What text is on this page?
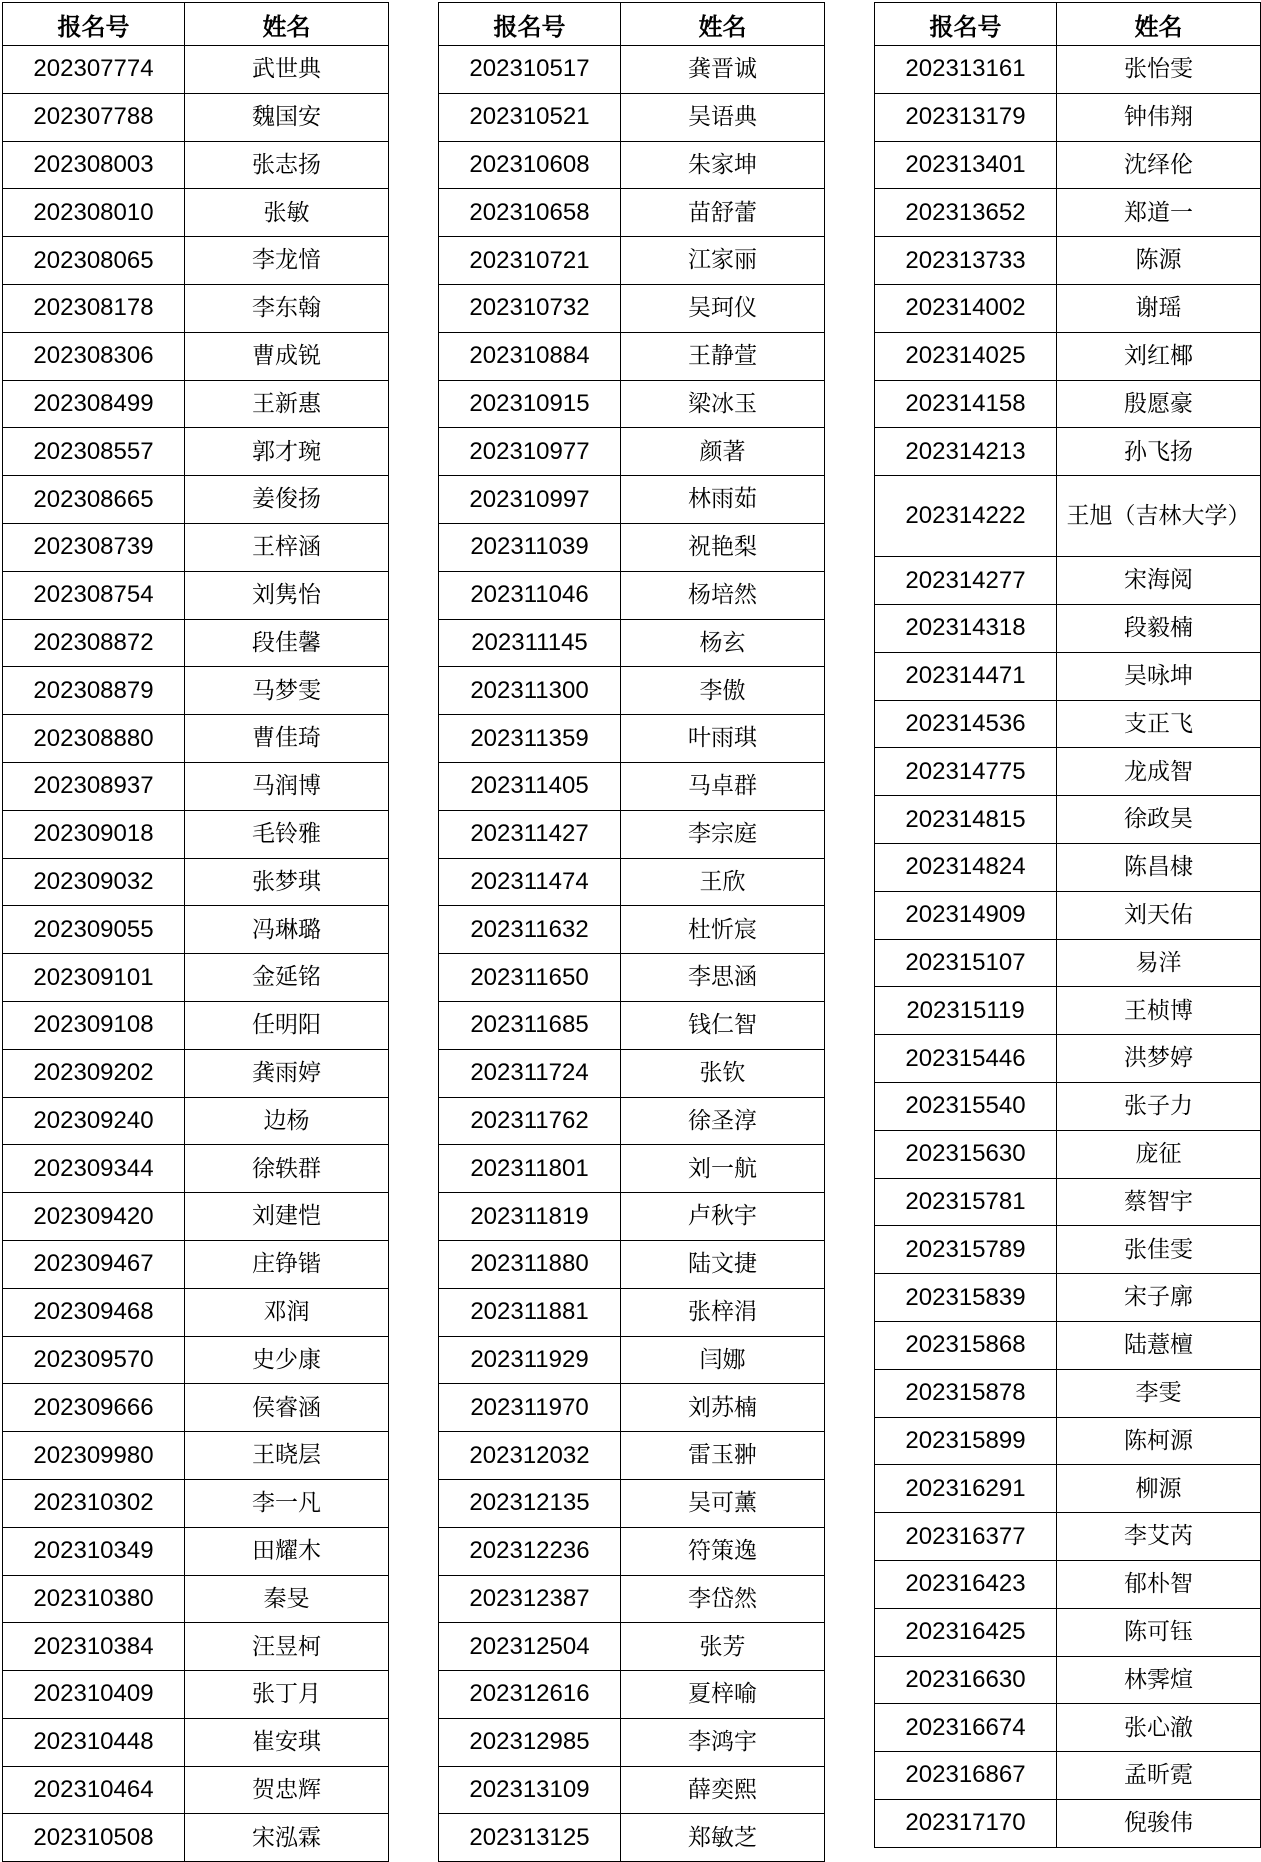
报名号	姓名
202307774	武世典
202307788	魏国安
202308003	张志扬
202308010	张敏
202308065	李龙愔
202308178	李东翰
202308306	曹成锐
202308499	王新惠
202308557	郭才琬
202308665	姜俊扬
202308739	王梓涵
202308754	刘隽怡
202308872	段佳馨
202308879	马梦雯
202308880	曹佳琦
202308937	马润博
202309018	毛铃雅
202309032	张梦琪
202309055	冯琳璐
202309101	金延铭
202309108	任明阳
202309202	龚雨婷
202309240	边杨
202309344	徐轶群
202309420	刘建恺
202309467	庄铮锴
202309468	邓润
202309570	史少康
202309666	侯睿涵
202309980	王晓层
202310302	李一凡
202310349	田耀木
202310380	秦旻
202310384	汪昱柯
202310409	张丁月
202310448	崔安琪
202310464	贺忠辉
202310508	宋泓霖
报名号	姓名
202310517	龚晋诚
202310521	吴语典
202310608	朱家坤
202310658	苗舒蕾
202310721	江家丽
202310732	吴珂仪
202310884	王静萱
202310915	梁冰玉
202310977	颜著
202310997	林雨茹
202311039	祝艳梨
202311046	杨培然
202311145	杨玄
202311300	李傲
202311359	叶雨琪
202311405	马卓群
202311427	李宗庭
202311474	王欣
202311632	杜忻宸
202311650	李思涵
202311685	钱仁智
202311724	张钦
202311762	徐圣淳
202311801	刘一航
202311819	卢秋宇
202311880	陆文捷
202311881	张梓涓
202311929	闫娜
202311970	刘苏楠
202312032	雷玉翀
202312135	吴可薰
202312236	符策逸
202312387	李岱然
202312504	张芳
202312616	夏梓喻
202312985	李鸿宇
202313109	薛奕熙
202313125	郑敏芝
报名号	姓名
202313161	张怡雯
202313179	钟伟翔
202313401	沈绎伦
202313652	郑道一
202313733	陈源
202314002	谢瑶
202314025	刘红椰
202314158	殷愿豪
202314213	孙飞扬
202314222	王旭（吉林大学）
202314277	宋海阅
202314318	段毅楠
202314471	吴咏坤
202314536	支正飞
202314775	龙成智
202314815	徐政昊
202314824	陈昌棣
202314909	刘天佑
202315107	易洋
202315119	王桢博
202315446	洪梦婷
202315540	张子力
202315630	庞征
202315781	蔡智宇
202315789	张佳雯
202315839	宋子廓
202315868	陆薏檀
202315878	李雯
202315899	陈柯源
202316291	柳源
202316377	李艾芮
202316423	郁朴智
202316425	陈可钰
202316630	林霁煊
202316674	张心澈
202316867	孟昕霓
202317170	倪骏伟
